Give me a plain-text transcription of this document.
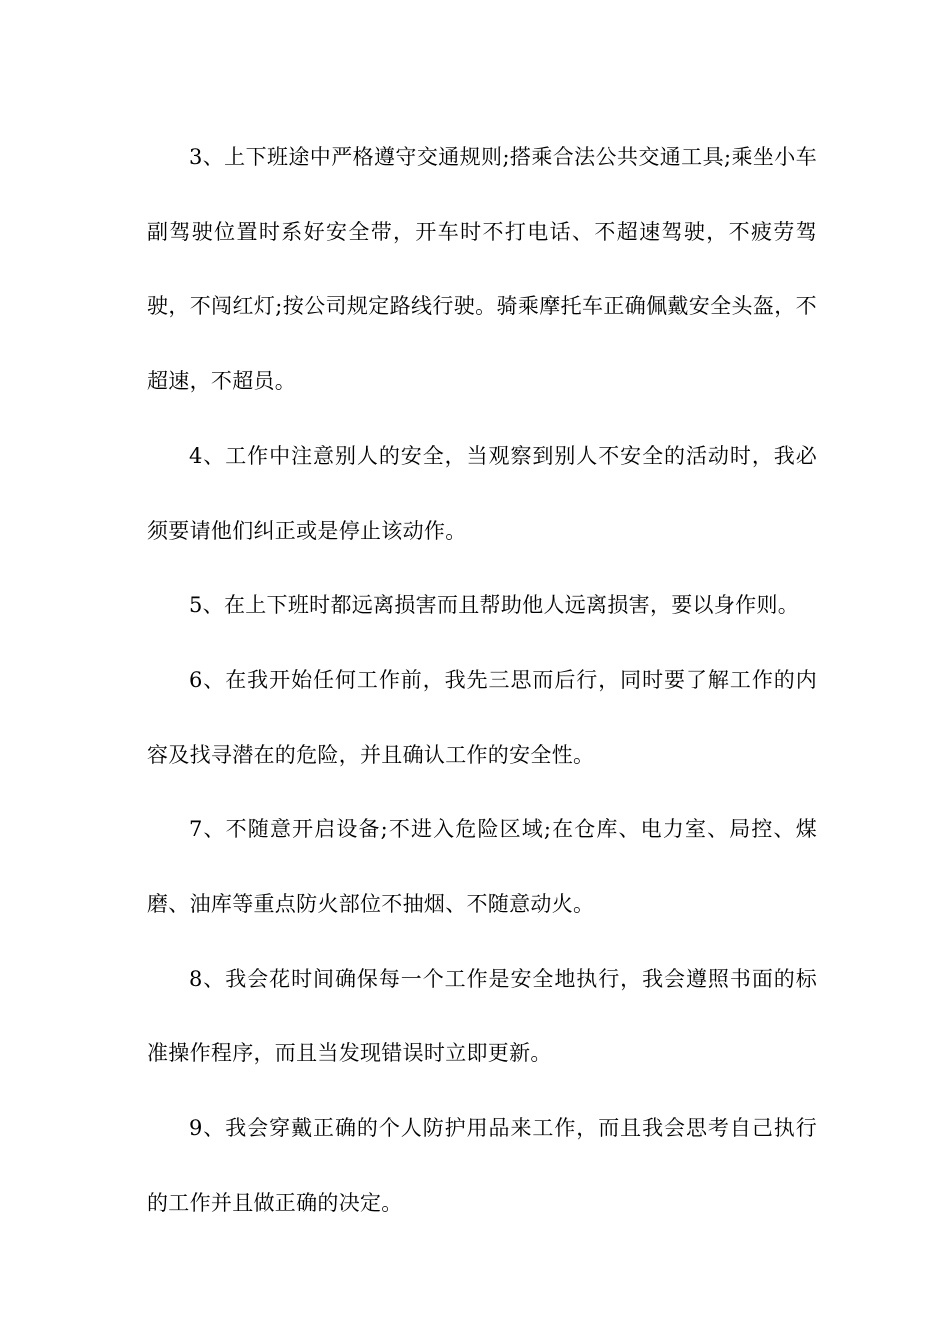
3、上下班途中严格遵守交通规则;搭乘合法公共交通工具;乘坐小车副驾驶位置时系好安全带，开车时不打电话、不超速驾驶，不疲劳驾驶，不闯红灯;按公司规定路线行驶。骑乘摩托车正确佩戴安全头盔，不超速，不超员。

4、工作中注意别人的安全，当观察到别人不安全的活动时，我必须要请他们纠正或是停止该动作。

5、在上下班时都远离损害而且帮助他人远离损害，要以身作则。

6、在我开始任何工作前，我先三思而后行，同时要了解工作的内容及找寻潜在的危险，并且确认工作的安全性。

7、不随意开启设备;不进入危险区域;在仓库、电力室、局控、煤磨、油库等重点防火部位不抽烟、不随意动火。

8、我会花时间确保每一个工作是安全地执行，我会遵照书面的标准操作程序，而且当发现错误时立即更新。

9、我会穿戴正确的个人防护用品来工作，而且我会思考自己执行的工作并且做正确的决定。
